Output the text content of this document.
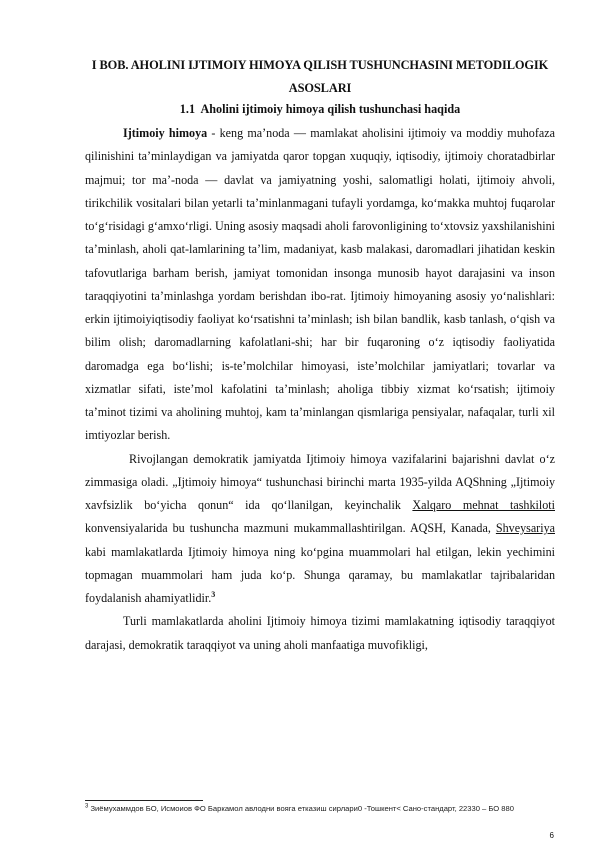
I BOB. AHOLINI IJTIMOIY HIMOYA QILISH TUSHUNCHASINI METODILOGIK ASOSLARI
1.1 Aholini ijtimoiy himoya qilish tushunchasi haqida

Ijtimoiy himoya - keng maʼnoda — mamlakat aholisini ijtimoiy va moddiy muhofaza qilinishini taʼminlaydigan va jamiyatda qaror topgan xuquqiy, iqtisodiy, ijtimoiy choratadbirlar majmui; tor maʼ-noda — davlat va jamiyatning yoshi, salomatligi holati, ijtimoiy ahvoli, tirikchilik vositalari bilan yetarli taʼminlanmagani tufayli yordamga, koʻmakka muhtoj fuqarolar toʻgʻrisidagi gʻamxoʻrligi. Uning asosiy maqsadi aholi farovonligining toʻxtovsiz yaxshilanishini taʼminlash, aholi qat-lamlarining taʼlim, madaniyat, kasb malakasi, daromadlari jihatidan keskin tafovutlariga barham berish, jamiyat tomonidan insonga munosib hayot darajasini va inson taraqqiyotini taʼminlashga yordam berishdan ibo-rat. Ijtimoiy himoyaning asosiy yoʻnalishlari: erkin ijtimoiyiqtisodiy faoliyat koʻrsatishni taʼminlash; ish bilan bandlik, kasb tanlash, oʻqish va bilim olish; daromadlarning kafolatlani-shi; har bir fuqaroning oʻz iqtisodiy faoliyatida daromadga ega boʻlishi; is-teʼmolchilar himoyasi, isteʼmolchilar jamiyatlari; tovarlar va xizmatlar sifati, isteʼmol kafolatini taʼminlash; aholiga tibbiy xizmat koʻrsatish; ijtimoiy taʼminot tizimi va aholining muhtoj, kam taʼminlangan qismlariga pensiyalar, nafaqalar, turli xil imtiyozlar berish.

Rivojlangan demokratik jamiyatda Ijtimoiy himoya vazifalarini bajarishni davlat oʻz zimmasiga oladi. „Ijtimoiy himoya“ tushunchasi birinchi marta 1935-yilda AQShning „Ijtimoiy xavfsizlik boʻyicha qonun“ ida qoʻllanilgan, keyinchalik Xalqaro mehnat tashkiloti konvensiyalarida bu tushuncha mazmuni mukammallashtirilgan. AQSH, Kanada, Shveysariya kabi mamlakatlarda Ijtimoiy himoya ning koʻpgina muammolari hal etilgan, lekin yechimini topmagan muammolari ham juda koʻp. Shunga qaramay, bu mamlakatlar tajribalaridan foydalanish ahamiyatlidir.$^3$

Turli mamlakatlarda aholini Ijtimoiy himoya tizimi mamlakatning iqtisodiy taraqqiyot darajasi, demokratik taraqqiyot va uning aholi manfaatiga muvofikligi,

$^3$ Зиёмухаммдов БО, Исмоиов ФО Баркамол авлодни вояга етказиш сирлари0 -Тошкент< Сано-стандарт, 22330 – БО 880
6
